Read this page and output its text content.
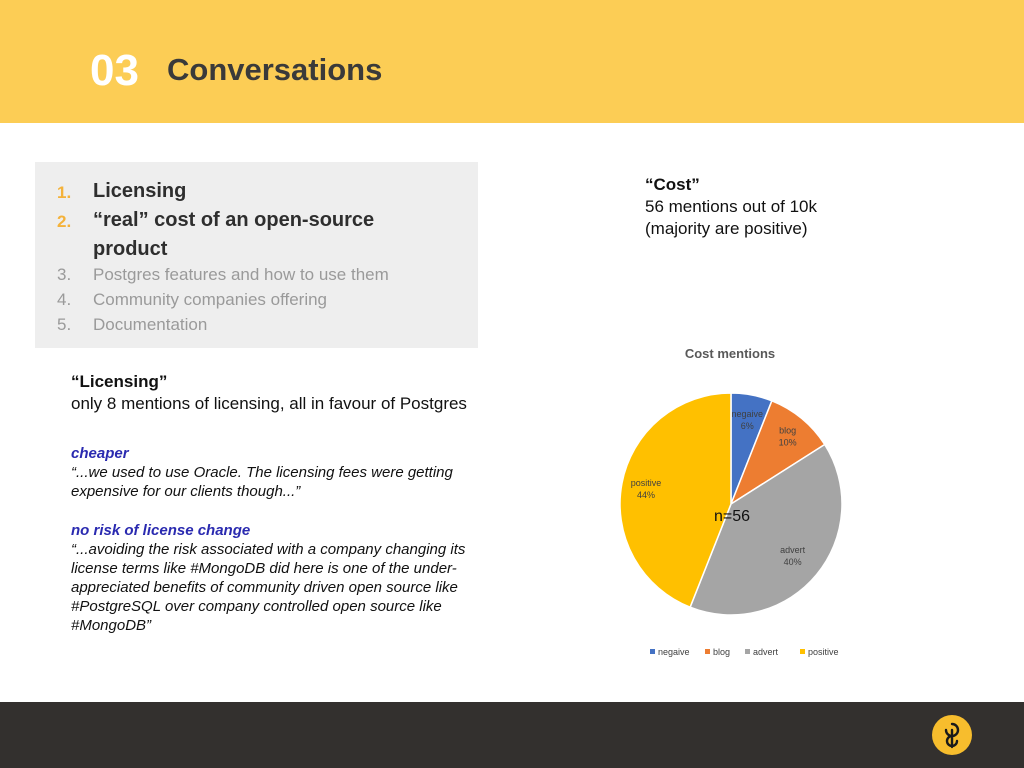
03 Conversations
1. Licensing
2. “real” cost of an open-source
product
3. Postgres features and how to use them
4. Community companies offering
5. Documentation
“Cost”
56 mentions out of 10k
(majority are positive)
“Licensing”
only 8 mentions of licensing, all in favour of Postgres
cheaper
“...we used to use Oracle. The licensing fees were getting
expensive for our clients though...”
no risk of license change
“...avoiding the risk associated with a company changing its
license terms like #MongoDB did here is one of the under-
appreciated benefits of community driven open source like
#PostgreSQL over company controlled open source like
#MongoDB”
Cost mentions
negaive
6%	blog
10%
advert
40%
positive
44%
n=56
negaive	blog	advert	positive
